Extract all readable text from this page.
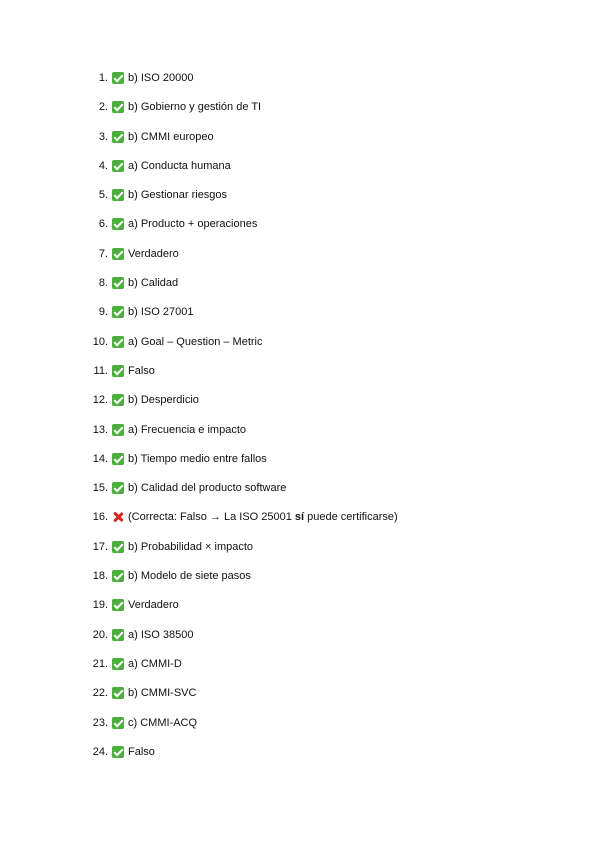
1. b) ISO 20000
2. b) Gobierno y gestión de TI
3. b) CMMI europeo
4. a) Conducta humana
5. b) Gestionar riesgos
6. a) Producto + operaciones
7. Verdadero
8. b) Calidad
9. b) ISO 27001
10. a) Goal – Question – Metric
11. Falso
12. b) Desperdicio
13. a) Frecuencia e impacto
14. b) Tiempo medio entre fallos
15. b) Calidad del producto software
16. (Correcta: Falso → La ISO 25001 sí puede certificarse)
17. b) Probabilidad × impacto
18. b) Modelo de siete pasos
19. Verdadero
20. a) ISO 38500
21. a) CMMI-D
22. b) CMMI-SVC
23. c) CMMI-ACQ
24. Falso
